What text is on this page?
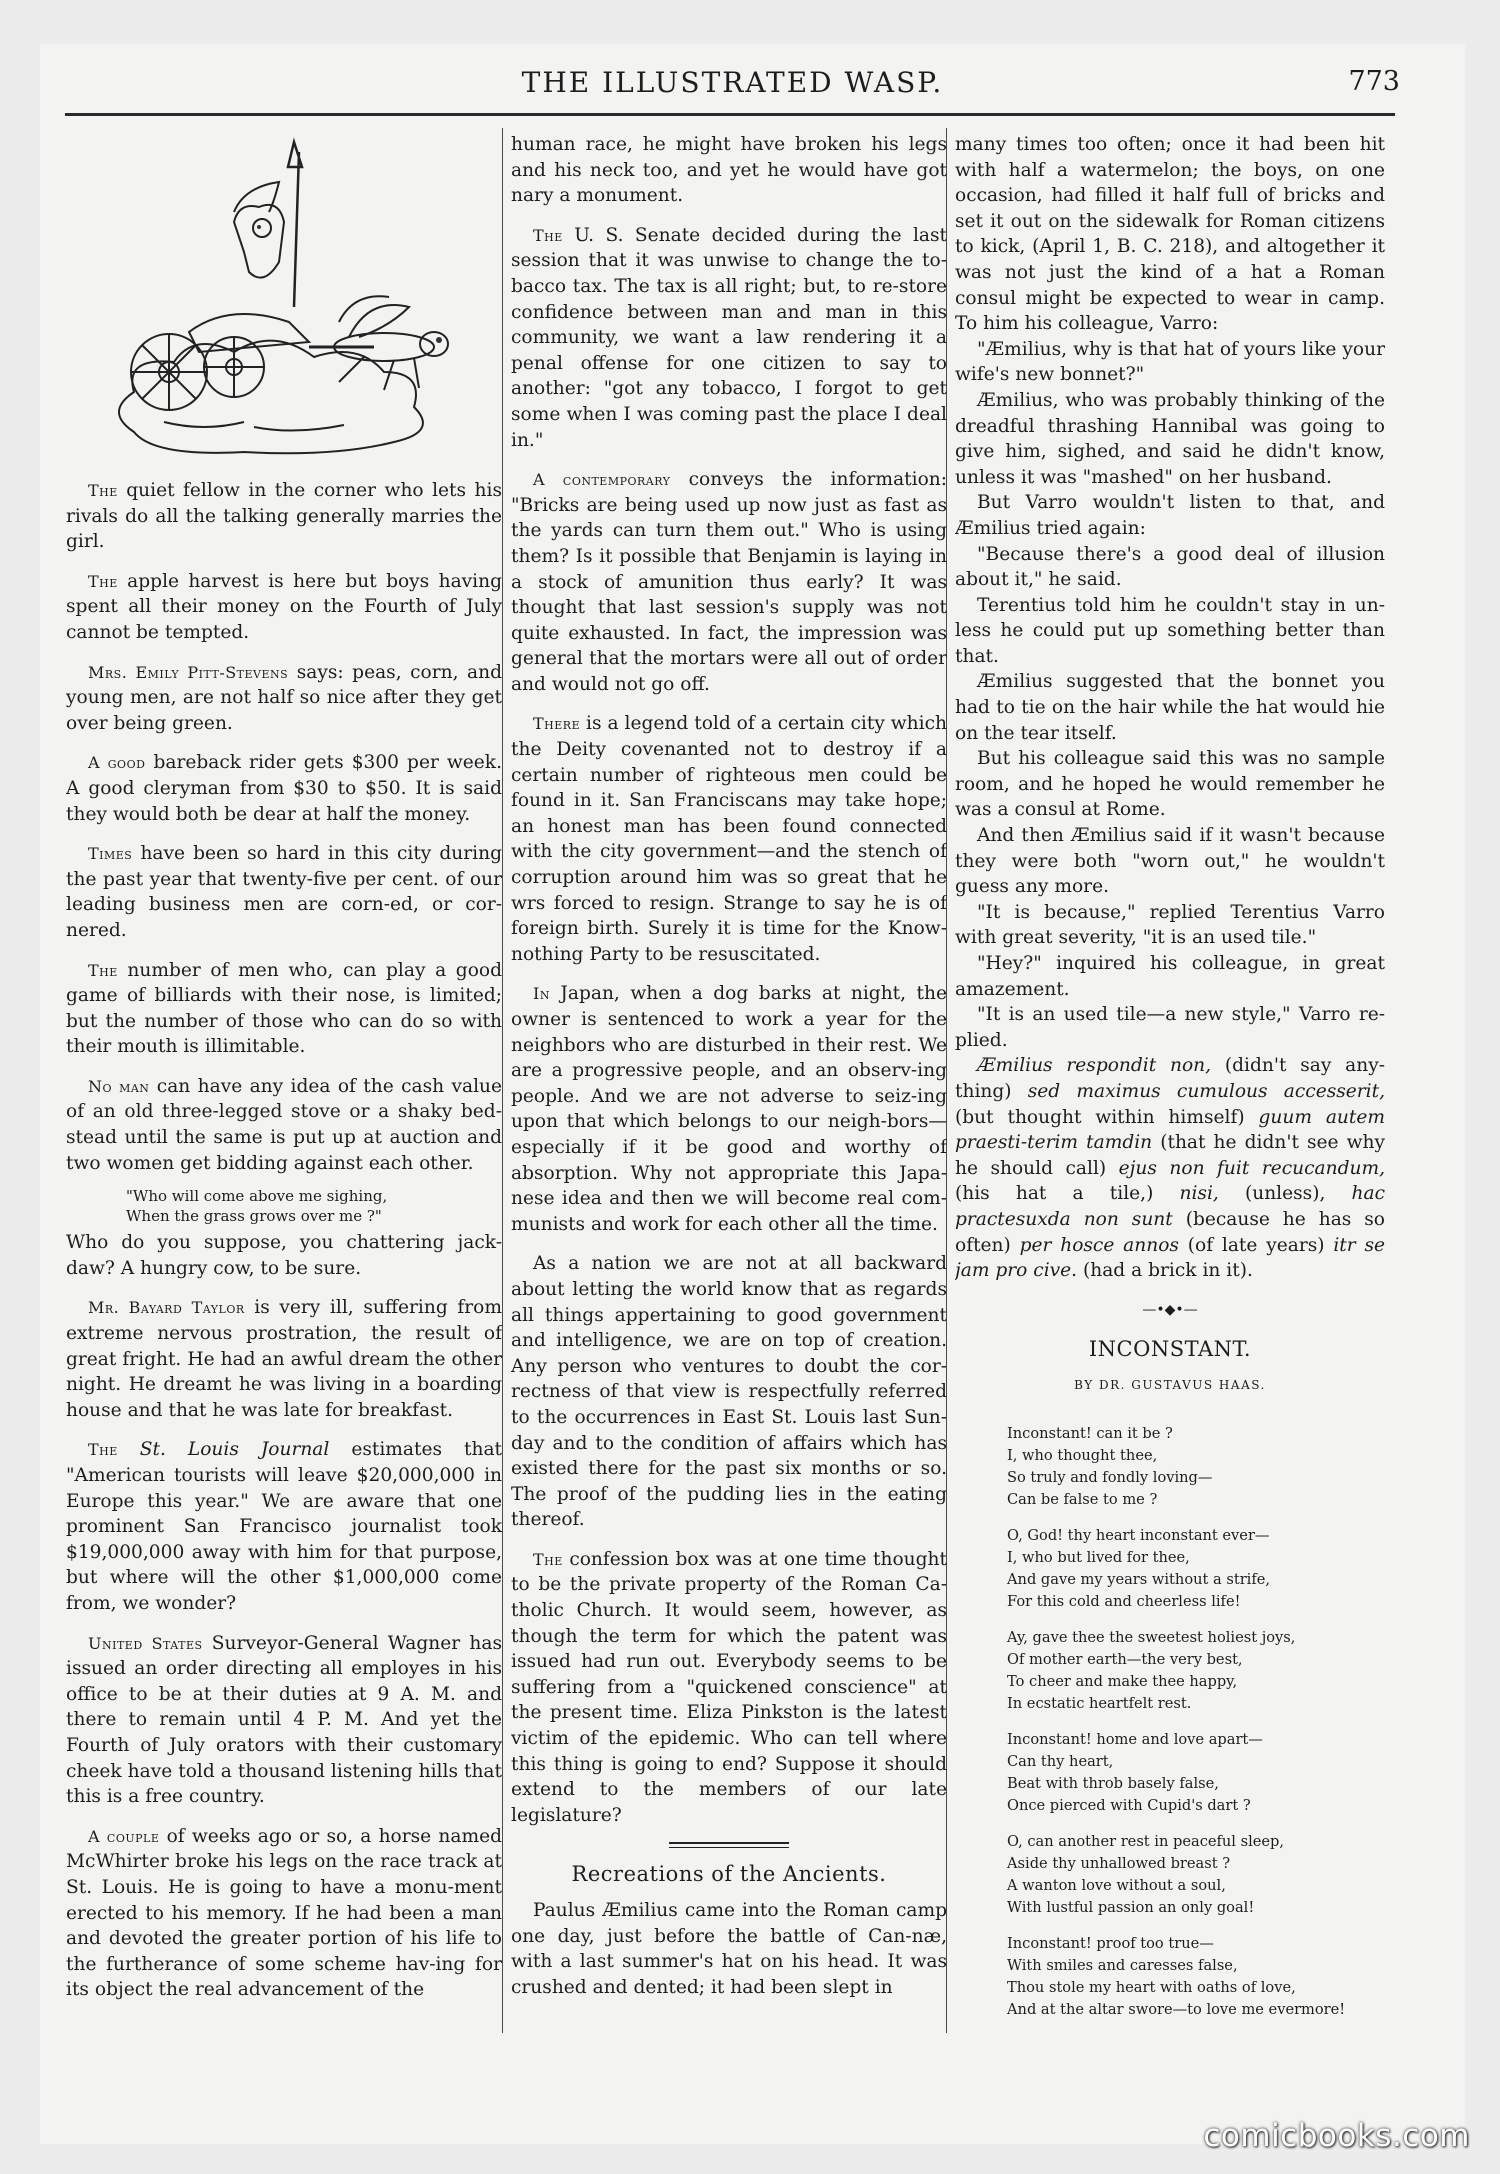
THE ILLUSTRATED WASP.	773

The quiet fellow in the corner who lets his rivals do all the talking generally marries the girl.

The apple harvest is here but boys having spent all their money on the Fourth of July cannot be tempted.

Mrs. Emily Pitt-Stevens says: peas, corn, and young men, are not half so nice after they get over being green.

A good bareback rider gets $300 per week. A good cleryman from $30 to $50. It is said they would both be dear at half the money.

Times have been so hard in this city during the past year that twenty-five per cent. of our leading business men are corn-ed, or cor-nered.

The number of men who, can play a good game of billiards with their nose, is limited; but the number of those who can do so with their mouth is illimitable.

No man can have any idea of the cash value of an old three-legged stove or a shaky bed-stead until the same is put up at auction and two women get bidding against each other.

"Who will come above me sighing,
When the grass grows over me ?"

Who do you suppose, you chattering jack-daw? A hungry cow, to be sure.

Mr. Bayard Taylor is very ill, suffering from extreme nervous prostration, the result of great fright. He had an awful dream the other night. He dreamt he was living in a boarding house and that he was late for breakfast.

The St. Louis Journal estimates that "American tourists will leave $20,000,000 in Europe this year." We are aware that one prominent San Francisco journalist took $19,000,000 away with him for that purpose, but where will the other $1,000,000 come from, we wonder?

United States Surveyor-General Wagner has issued an order directing all employes in his office to be at their duties at 9 A. M. and there to remain until 4 P. M. And yet the Fourth of July orators with their customary cheek have told a thousand listening hills that this is a free country.

A couple of weeks ago or so, a horse named McWhirter broke his legs on the race track at St. Louis. He is going to have a monu-ment erected to his memory. If he had been a man and devoted the greater portion of his life to the furtherance of some scheme hav-ing for its object the real advancement of the

human race, he might have broken his legs and his neck too, and yet he would have got nary a monument.

The U. S. Senate decided during the last session that it was unwise to change the to-bacco tax. The tax is all right; but, to re-store confidence between man and man in this community, we want a law rendering it a penal offense for one citizen to say to another: "got any tobacco, I forgot to get some when I was coming past the place I deal in."

A contemporary conveys the information: "Bricks are being used up now just as fast as the yards can turn them out." Who is using them? Is it possible that Benjamin is laying in a stock of amunition thus early? It was thought that last session's supply was not quite exhausted. In fact, the impression was general that the mortars were all out of order and would not go off.

There is a legend told of a certain city which the Deity covenanted not to destroy if a certain number of righteous men could be found in it. San Franciscans may take hope; an honest man has been found connected with the city government—and the stench of corruption around him was so great that he wrs forced to resign. Strange to say he is of foreign birth. Surely it is time for the Know-nothing Party to be resuscitated.

In Japan, when a dog barks at night, the owner is sentenced to work a year for the neighbors who are disturbed in their rest. We are a progressive people, and an observ-ing people. And we are not adverse to seiz-ing upon that which belongs to our neigh-bors—especially if it be good and worthy of absorption. Why not appropriate this Japa-nese idea and then we will become real com-munists and work for each other all the time.

As a nation we are not at all backward about letting the world know that as regards all things appertaining to good government and intelligence, we are on top of creation. Any person who ventures to doubt the cor-rectness of that view is respectfully referred to the occurrences in East St. Louis last Sun-day and to the condition of affairs which has existed there for the past six months or so. The proof of the pudding lies in the eating thereof.

The confession box was at one time thought to be the private property of the Roman Ca-tholic Church. It would seem, however, as though the term for which the patent was issued had run out. Everybody seems to be suffering from a "quickened conscience" at the present time. Eliza Pinkston is the latest victim of the epidemic. Who can tell where this thing is going to end? Suppose it should extend to the members of our late legislature?

Recreations of the Ancients.

Paulus Æmilius came into the Roman camp one day, just before the battle of Can-næ, with a last summer's hat on his head. It was crushed and dented; it had been slept in

many times too often; once it had been hit with half a watermelon; the boys, on one occasion, had filled it half full of bricks and set it out on the sidewalk for Roman citizens to kick, (April 1, B. C. 218), and altogether it was not just the kind of a hat a Roman consul might be expected to wear in camp. To him his colleague, Varro:

"Æmilius, why is that hat of yours like your wife's new bonnet?"

Æmilius, who was probably thinking of the dreadful thrashing Hannibal was going to give him, sighed, and said he didn't know, unless it was "mashed" on her husband.

But Varro wouldn't listen to that, and Æmilius tried again:

"Because there's a good deal of illusion about it," he said.

Terentius told him he couldn't stay in un-less he could put up something better than that.

Æmilius suggested that the bonnet you had to tie on the hair while the hat would hie on the tear itself.

But his colleague said this was no sample room, and he hoped he would remember he was a consul at Rome.

And then Æmilius said if it wasn't because they were both "worn out," he wouldn't guess any more.

"It is because," replied Terentius Varro with great severity, "it is an used tile."

"Hey?" inquired his colleague, in great amazement.

"It is an used tile—a new style," Varro re-plied.

Æmilius respondit non, (didn't say any-thing) sed maximus cumulous accesserit, (but thought within himself) guum autem praesti-terim tamdin (that he didn't see why he should call) ejus non fuit recucandum, (his hat a tile,) nisi, (unless), hac practesuxda non sunt (because he has so often) per hosce annos (of late years) itr se jam pro cive. (had a brick in it).

—•◆•—
INCONSTANT.
BY DR. GUSTAVUS HAAS.
Inconstant! can it be ?
I, who thought thee,
So truly and fondly loving—
Can be false to me ?
O, God! thy heart inconstant ever—
I, who but lived for thee,
And gave my years without a strife,
For this cold and cheerless life!
Ay, gave thee the sweetest holiest joys,
Of mother earth—the very best,
To cheer and make thee happy,
In ecstatic heartfelt rest.
Inconstant! home and love apart—
Can thy heart,
Beat with throb basely false,
Once pierced with Cupid's dart ?
O, can another rest in peaceful sleep,
Aside thy unhallowed breast ?
A wanton love without a soul,
With lustful passion an only goal!
Inconstant! proof too true—
With smiles and caresses false,
Thou stole my heart with oaths of love,
And at the altar swore—to love me evermore!
comicbooks.com
